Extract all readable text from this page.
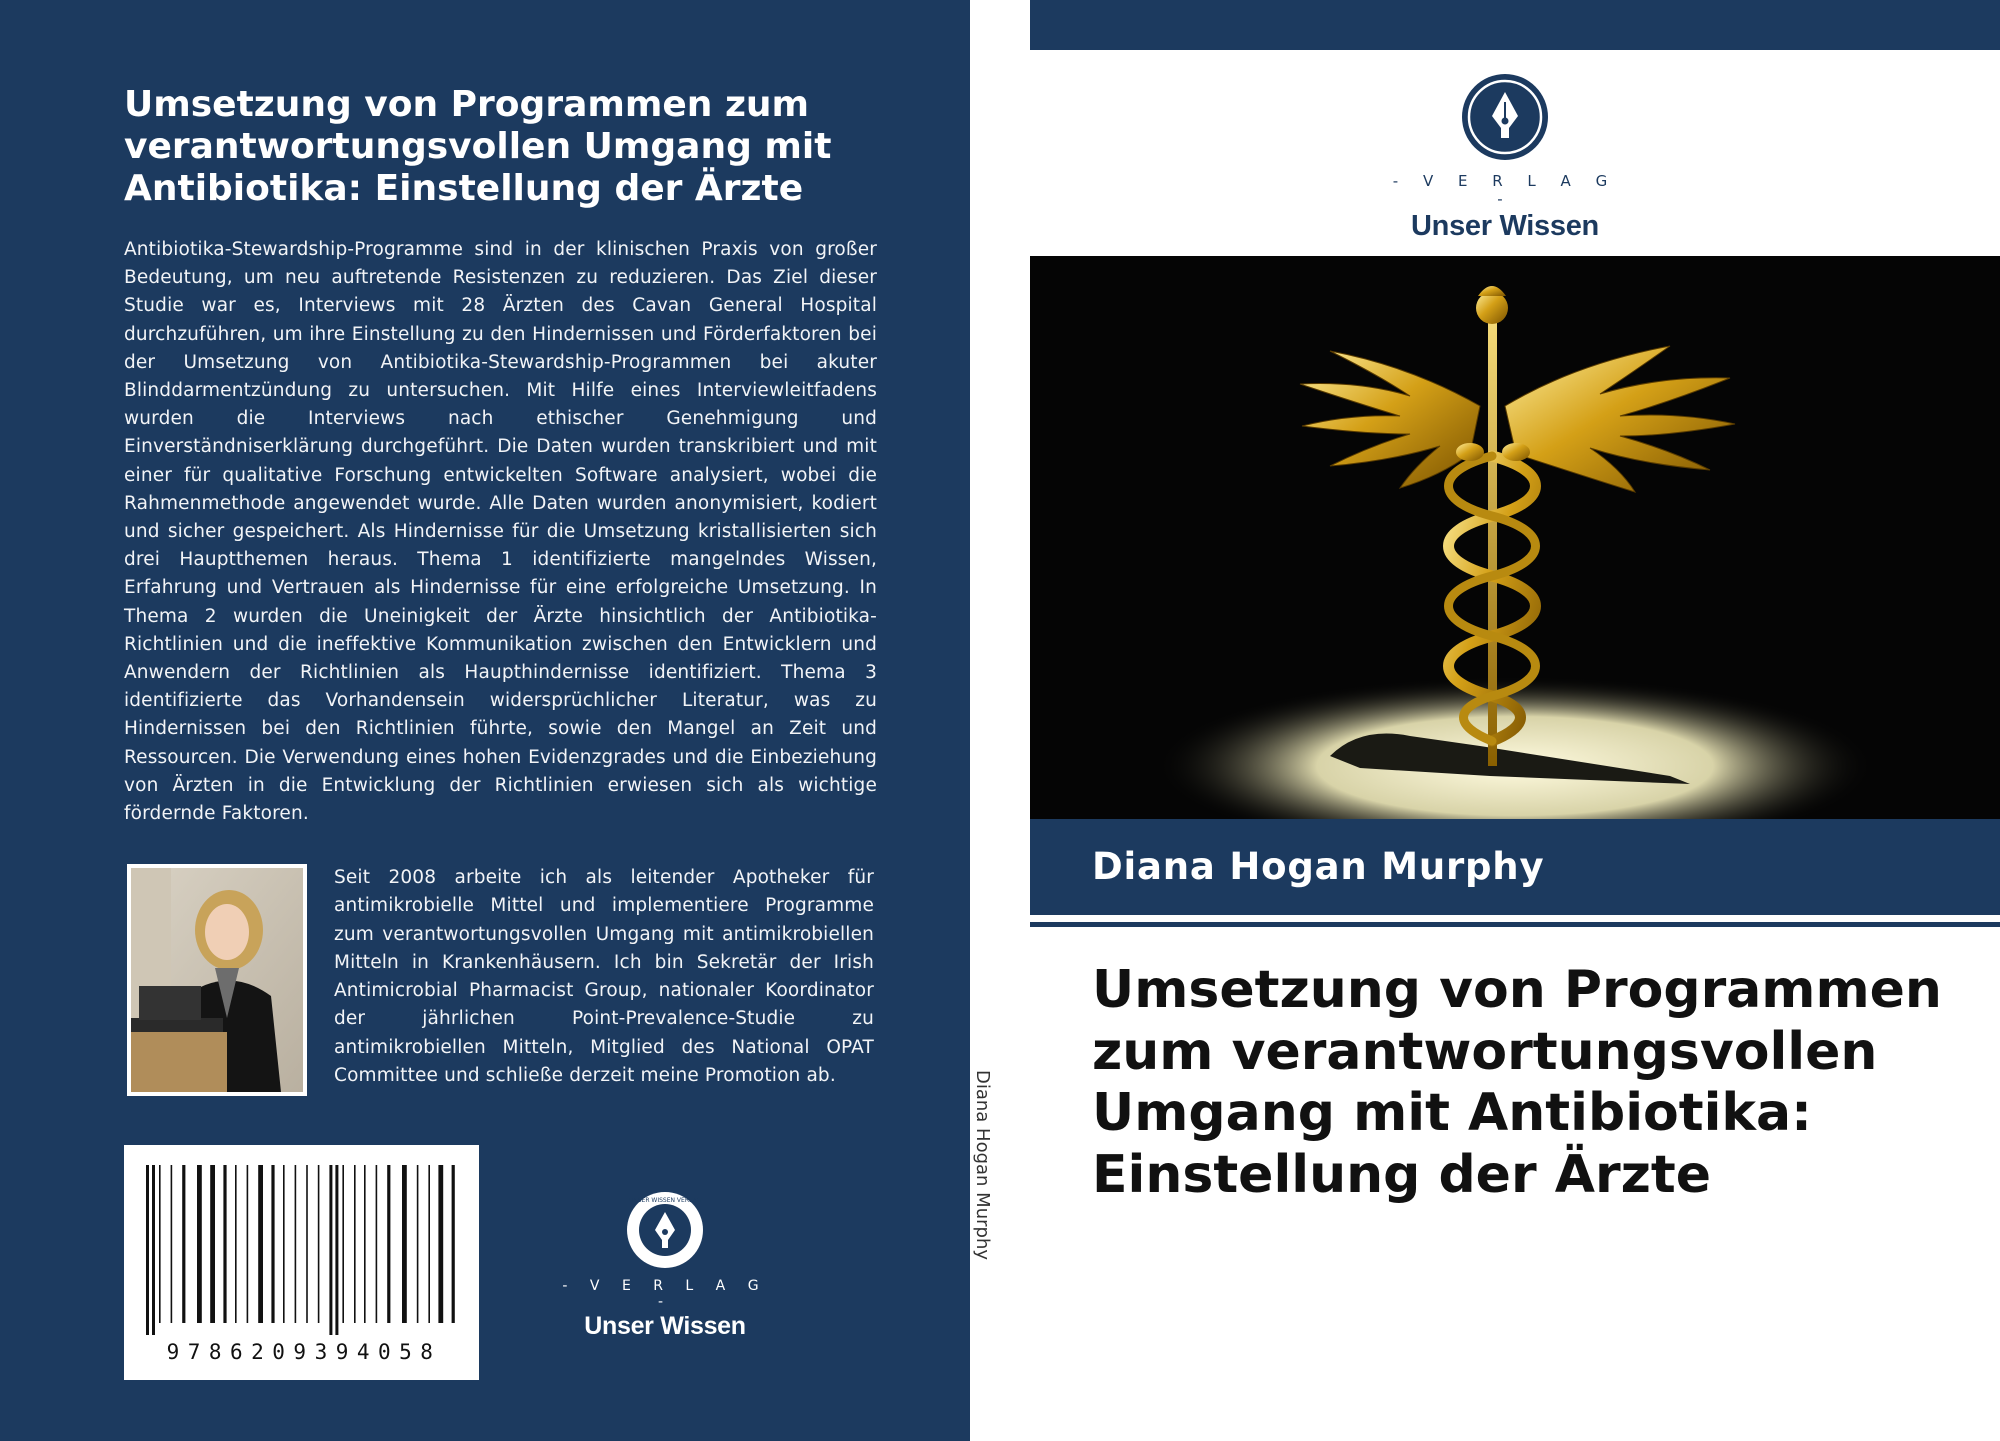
Umsetzung von Programmen zum verantwortungsvollen Umgang mit Antibiotika: Einstellung der Ärzte

Antibiotika-Stewardship-Programme sind in der klinischen Praxis von großer Bedeutung, um neu auftretende Resistenzen zu reduzieren. Das Ziel dieser Studie war es, Interviews mit 28 Ärzten des Cavan General Hospital durchzuführen, um ihre Einstellung zu den Hindernissen und Förderfaktoren bei der Umsetzung von Antibiotika-Stewardship-Programmen bei akuter Blinddarmentzündung zu untersuchen. Mit Hilfe eines Interviewleitfadens wurden die Interviews nach ethischer Genehmigung und Einverständniserklärung durchgeführt. Die Daten wurden transkribiert und mit einer für qualitative Forschung entwickelten Software analysiert, wobei die Rahmenmethode angewendet wurde. Alle Daten wurden anonymisiert, kodiert und sicher gespeichert. Als Hindernisse für die Umsetzung kristallisierten sich drei Hauptthemen heraus. Thema 1 identifizierte mangelndes Wissen, Erfahrung und Vertrauen als Hindernisse für eine erfolgreiche Umsetzung. In Thema 2 wurden die Uneinigkeit der Ärzte hinsichtlich der Antibiotika-Richtlinien und die ineffektive Kommunikation zwischen den Entwicklern und Anwendern der Richtlinien als Haupthindernisse identifiziert. Thema 3 identifizierte das Vorhandensein widersprüchlicher Literatur, was zu Hindernissen bei den Richtlinien führte, sowie den Mangel an Zeit und Ressourcen. Die Verwendung eines hohen Evidenzgrades und die Einbeziehung von Ärzten in die Entwicklung der Richtlinien erwiesen sich als wichtige fördernde Faktoren.

Seit 2008 arbeite ich als leitender Apotheker für antimikrobielle Mittel und implementiere Programme zum verantwortungsvollen Umgang mit antimikrobiellen Mitteln in Krankenhäusern. Ich bin Sekretär der Irish Antimicrobial Pharmacist Group, nationaler Koordinator der jährlichen Point-Prevalence-Studie zu antimikrobiellen Mitteln, Mitglied des National OPAT Committee und schließe derzeit meine Promotion ab.

9786209394058
UNSER WISSEN VERLAG
- V E R L A G -
Unser Wissen
Diana Hogan Murphy
- V E R L A G -
Unser Wissen
Diana Hogan Murphy
Umsetzung von Programmen zum verantwortungsvollen Umgang mit Antibiotika: Einstellung der Ärzte
